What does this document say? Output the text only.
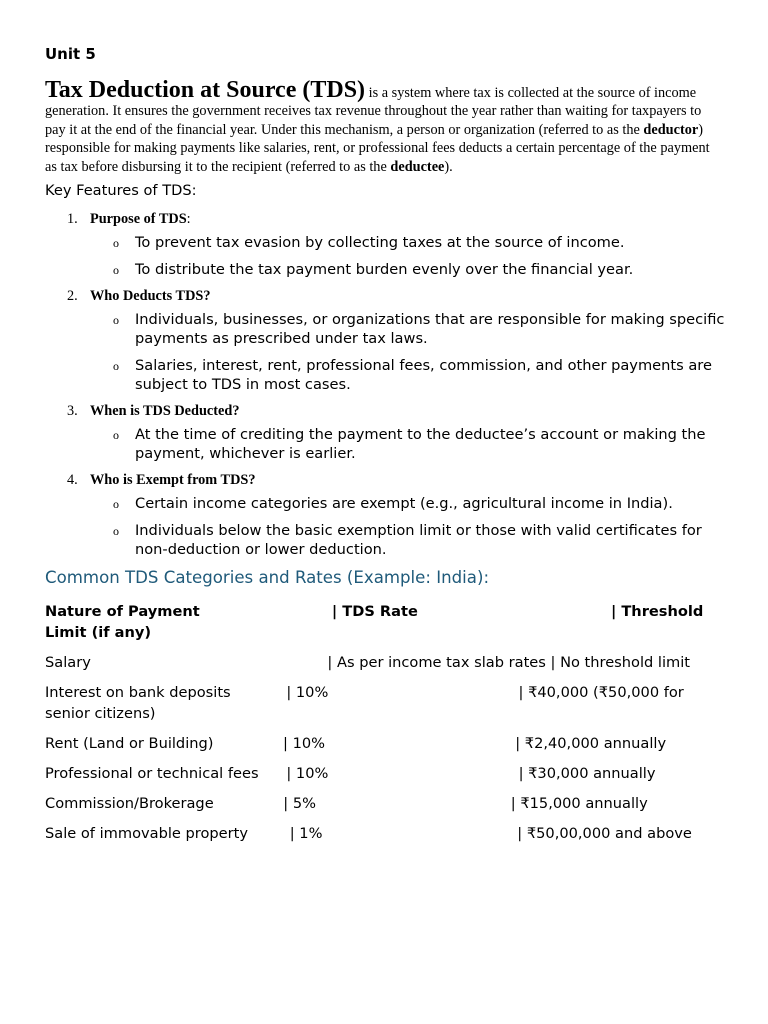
Unit 5

Tax Deduction at Source (TDS) is a system where tax is collected at the source of income generation. It ensures the government receives tax revenue throughout the year rather than waiting for taxpayers to pay it at the end of the financial year. Under this mechanism, a person or organization (referred to as the deductor) responsible for making payments like salaries, rent, or professional fees deducts a certain percentage of the payment as tax before disbursing it to the recipient (referred to as the deductee).

Key Features of TDS:
1. Purpose of TDS:
o To prevent tax evasion by collecting taxes at the source of income.
o To distribute the tax payment burden evenly over the financial year.
2. Who Deducts TDS?
o Individuals, businesses, or organizations that are responsible for making specific payments as prescribed under tax laws.
o Salaries, interest, rent, professional fees, commission, and other payments are subject to TDS in most cases.
3. When is TDS Deducted?
o At the time of crediting the payment to the deductee’s account or making the payment, whichever is earlier.
4. Who is Exempt from TDS?
o Certain income categories are exempt (e.g., agricultural income in India).
o Individuals below the basic exemption limit or those with valid certificates for non-deduction or lower deduction.
Common TDS Categories and Rates (Example: India):
Nature of Payment                          | TDS Rate                                      | Threshold Limit (if any)
Salary                                                   | As per income tax slab rates | No threshold limit
Interest on bank deposits            | 10%                                         | ₹40,000 (₹50,000 for senior citizens)
Rent (Land or Building)               | 10%                                         | ₹2,40,000 annually
Professional or technical fees      | 10%                                         | ₹30,000 annually
Commission/Brokerage               | 5%                                          | ₹15,000 annually
Sale of immovable property         | 1%                                          | ₹50,00,000 and above
